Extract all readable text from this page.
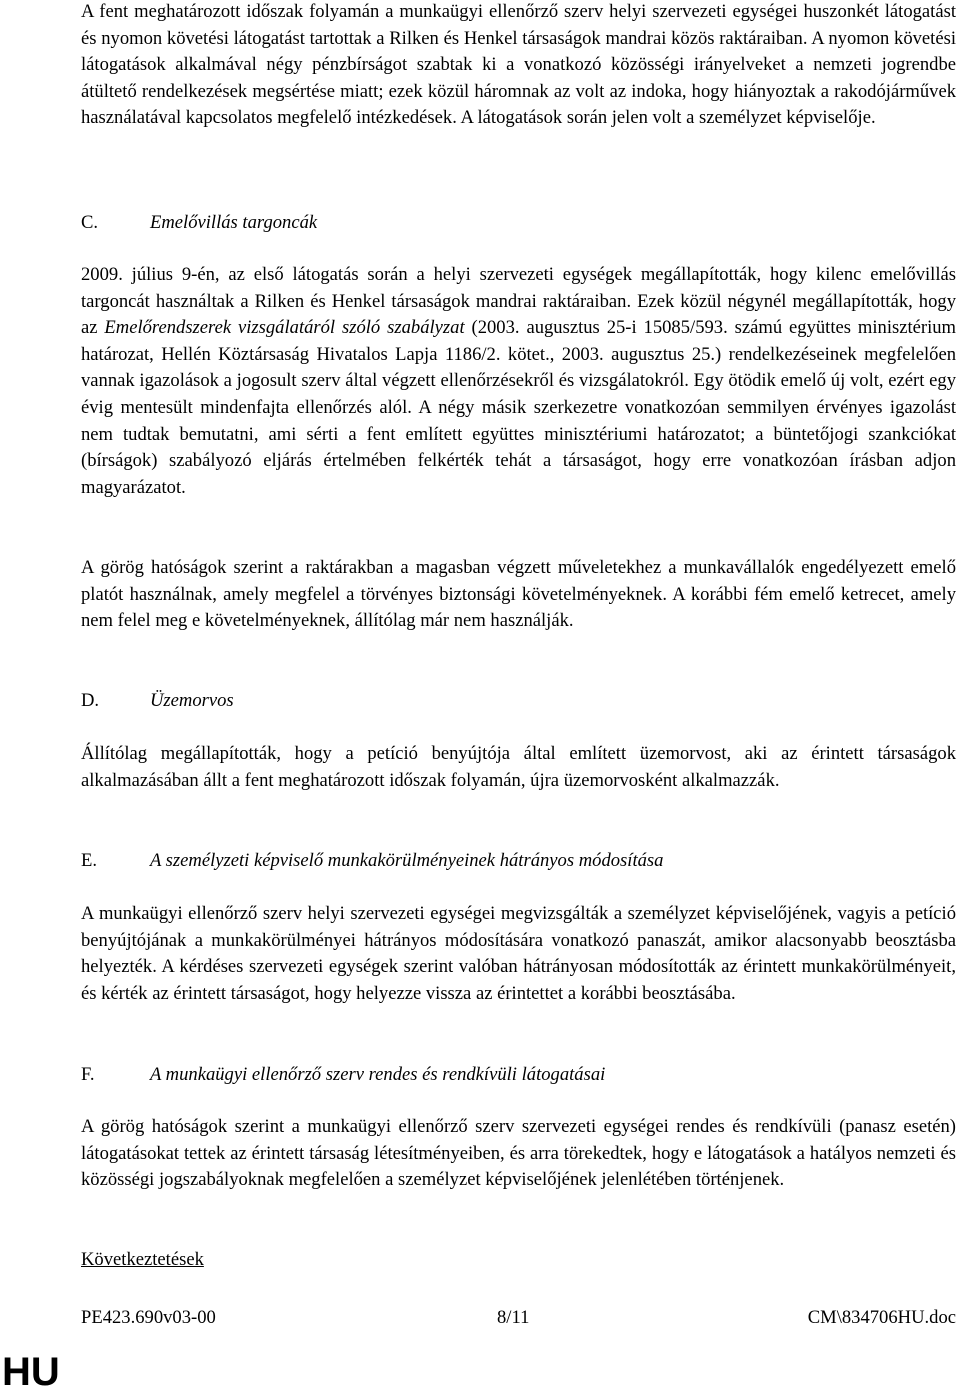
A fent meghatározott időszak folyamán a munkaügyi ellenőrző szerv helyi szervezeti egységei huszonkét látogatást és nyomon követési látogatást tartottak a Rilken és Henkel társaságok mandrai közös raktáraiban. A nyomon követési látogatások alkalmával négy pénzbírságot szabtak ki a vonatkozó közösségi irányelveket a nemzeti jogrendbe átültető rendelkezések megsértése miatt; ezek közül háromnak az volt az indoka, hogy hiányoztak a rakodójárművek használatával kapcsolatos megfelelő intézkedések. A látogatások során jelen volt a személyzet képviselője.

C.	Emelővillás targoncák

2009. július 9-én, az első látogatás során a helyi szervezeti egységek megállapították, hogy kilenc emelővillás targoncát használtak a Rilken és Henkel társaságok mandrai raktáraiban. Ezek közül négynél megállapították, hogy az Emelőrendszerek vizsgálatáról szóló szabályzat (2003. augusztus 25-i 15085/593. számú együttes minisztérium határozat, Hellén Köztársaság Hivatalos Lapja 1186/2. kötet., 2003. augusztus 25.) rendelkezéseinek megfelelően vannak igazolások a jogosult szerv által végzett ellenőrzésekről és vizsgálatokról. Egy ötödik emelő új volt, ezért egy évig mentesült mindenfajta ellenőrzés alól. A négy másik szerkezetre vonatkozóan semmilyen érvényes igazolást nem tudtak bemutatni, ami sérti a fent említett együttes minisztériumi határozatot; a büntetőjogi szankciókat (bírságok) szabályozó eljárás értelmében felkérték tehát a társaságot, hogy erre vonatkozóan írásban adjon magyarázatot.

A görög hatóságok szerint a raktárakban a magasban végzett műveletekhez a munkavállalók engedélyezett emelő platót használnak, amely megfelel a törvényes biztonsági követelményeknek. A korábbi fém emelő ketrecet, amely nem felel meg e követelményeknek, állítólag már nem használják.

D.	Üzemorvos

Állítólag megállapították, hogy a petíció benyújtója által említett üzemorvost, aki az érintett társaságok alkalmazásában állt a fent meghatározott időszak folyamán, újra üzemorvosként alkalmazzák.

E.	A személyzeti képviselő munkakörülményeinek hátrányos módosítása

A munkaügyi ellenőrző szerv helyi szervezeti egységei megvizsgálták a személyzet képviselőjének, vagyis a petíció benyújtójának a munkakörülményei hátrányos módosítására vonatkozó panaszát, amikor alacsonyabb beosztásba helyezték. A kérdéses szervezeti egységek szerint valóban hátrányosan módosították az érintett munkakörülményeit, és kérték az érintett társaságot, hogy helyezze vissza az érintettet a korábbi beosztásába.

F.	A munkaügyi ellenőrző szerv rendes és rendkívüli látogatásai

A görög hatóságok szerint a munkaügyi ellenőrző szerv szervezeti egységei rendes és rendkívüli (panasz esetén) látogatásokat tettek az érintett társaság létesítményeiben, és arra törekedtek, hogy e látogatások a hatályos nemzeti és közösségi jogszabályoknak megfelelően a személyzet képviselőjének jelenlétében történjenek.

Következtetések
PE423.690v03-00	8/11	CM\834706HU.doc
HU
